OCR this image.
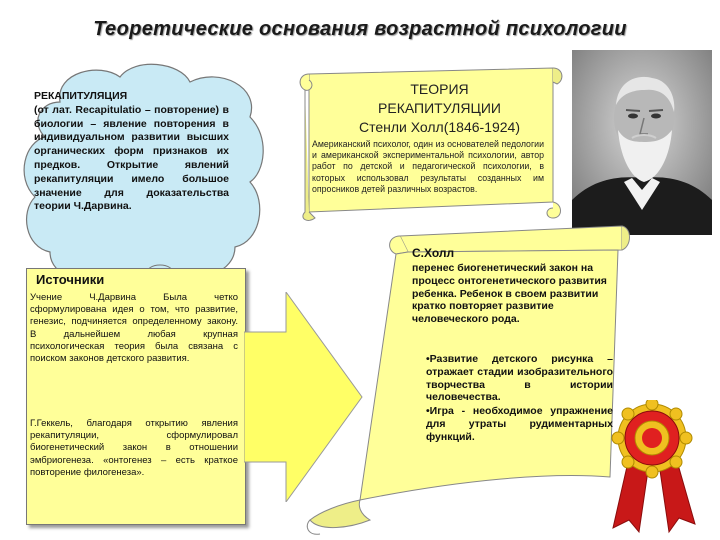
Теоретические основания возрастной психологии
РЕКАПИТУЛЯЦИЯ
(от лат. Recapitulatio – повторение) в биологии – явление повторения в индивидуальном развитии высших органических форм признаков их предков. Открытие явлений рекапитуляции имело большое значение для доказательства теории Ч.Дарвина.
Источники
Учение Ч.Дарвина Была четко сформулирована идея о том, что развитие, генезис, подчиняется определенному закону. В дальнейшем любая крупная психологическая теория была связана с поиском законов детского развития.
Г.Геккель, благодаря открытию явления рекапитуляции, сформулировал биогенетический закон в отношении эмбриогенеза. «онтогенез – есть краткое повторение филогенеза».
ТЕОРИЯ
РЕКАПИТУЛЯЦИИ
Стенли Холл(1846-1924)
Американский психолог, один из основателей педологии и американской экспериментальной психологии, автор работ по детской и педагогической психологии, в которых использовал результаты созданных им опросников детей различных возрастов.
С.Холл
перенес биогенетический закон на процесс онтогенетического развития ребенка. Ребенок в своем развитии кратко повторяет развитие человеческого рода.
•Развитие детского рисунка – отражает стадии изобразительного творчества в истории человечества.
•Игра - необходимое упражнение для утраты рудиментарных функций.
